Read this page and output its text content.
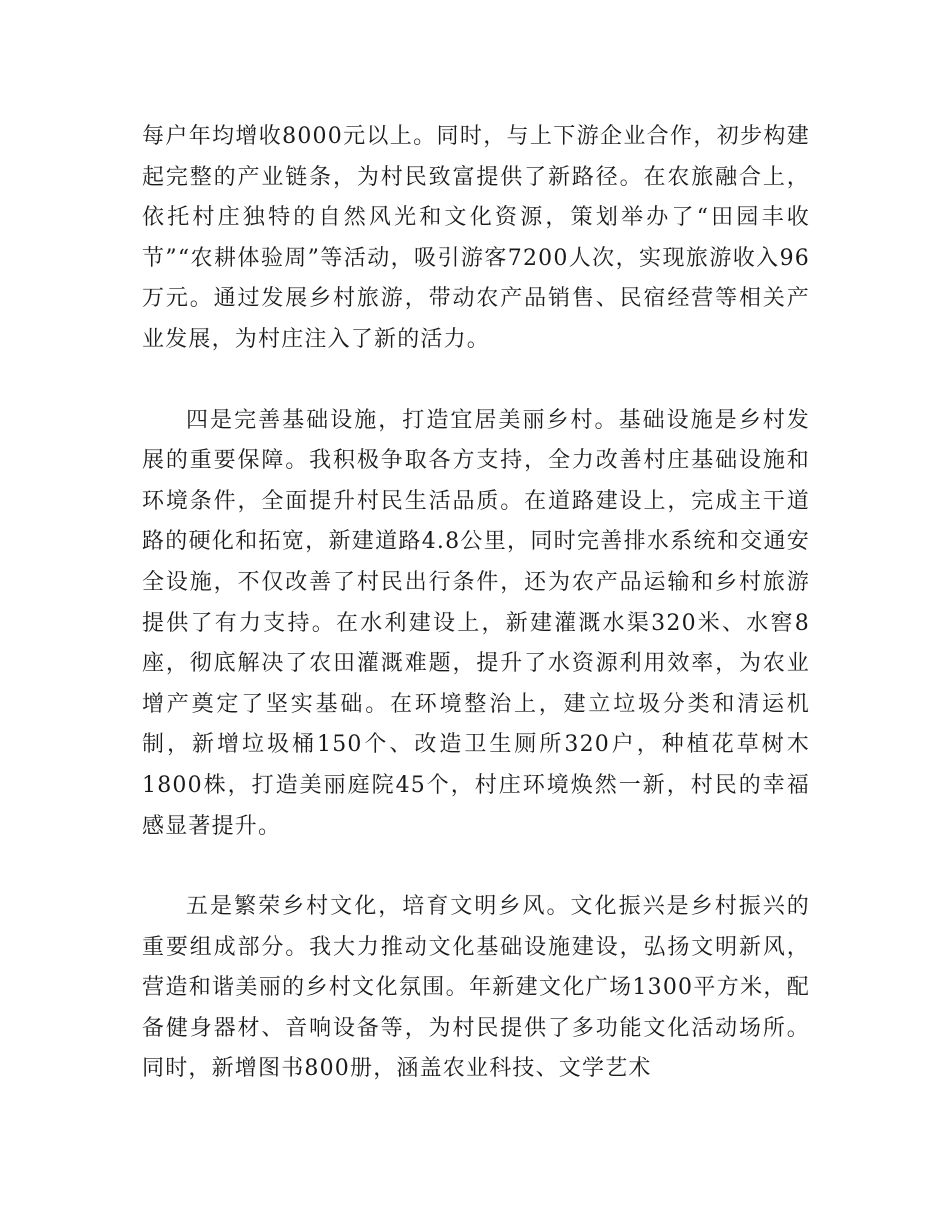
每户年均增收8000元以上。同时，与上下游企业合作，初步构建起完整的产业链条，为村民致富提供了新路径。在农旅融合上，依托村庄独特的自然风光和文化资源，策划举办了“田园丰收节”“农耕体验周”等活动，吸引游客7200人次，实现旅游收入96万元。通过发展乡村旅游，带动农产品销售、民宿经营等相关产业发展，为村庄注入了新的活力。

四是完善基础设施，打造宜居美丽乡村。基础设施是乡村发展的重要保障。我积极争取各方支持，全力改善村庄基础设施和环境条件，全面提升村民生活品质。在道路建设上，完成主干道路的硬化和拓宽，新建道路4.8公里，同时完善排水系统和交通安全设施，不仅改善了村民出行条件，还为农产品运输和乡村旅游提供了有力支持。在水利建设上，新建灌溉水渠320米、水窖8座，彻底解决了农田灌溉难题，提升了水资源利用效率，为农业增产奠定了坚实基础。在环境整治上，建立垃圾分类和清运机制，新增垃圾桶150个、改造卫生厕所320户，种植花草树木1800株，打造美丽庭院45个，村庄环境焕然一新，村民的幸福感显著提升。

五是繁荣乡村文化，培育文明乡风。文化振兴是乡村振兴的重要组成部分。我大力推动文化基础设施建设，弘扬文明新风，营造和谐美丽的乡村文化氛围。年新建文化广场1300平方米，配备健身器材、音响设备等，为村民提供了多功能文化活动场所。同时，新增图书800册，涵盖农业科技、文学艺术
